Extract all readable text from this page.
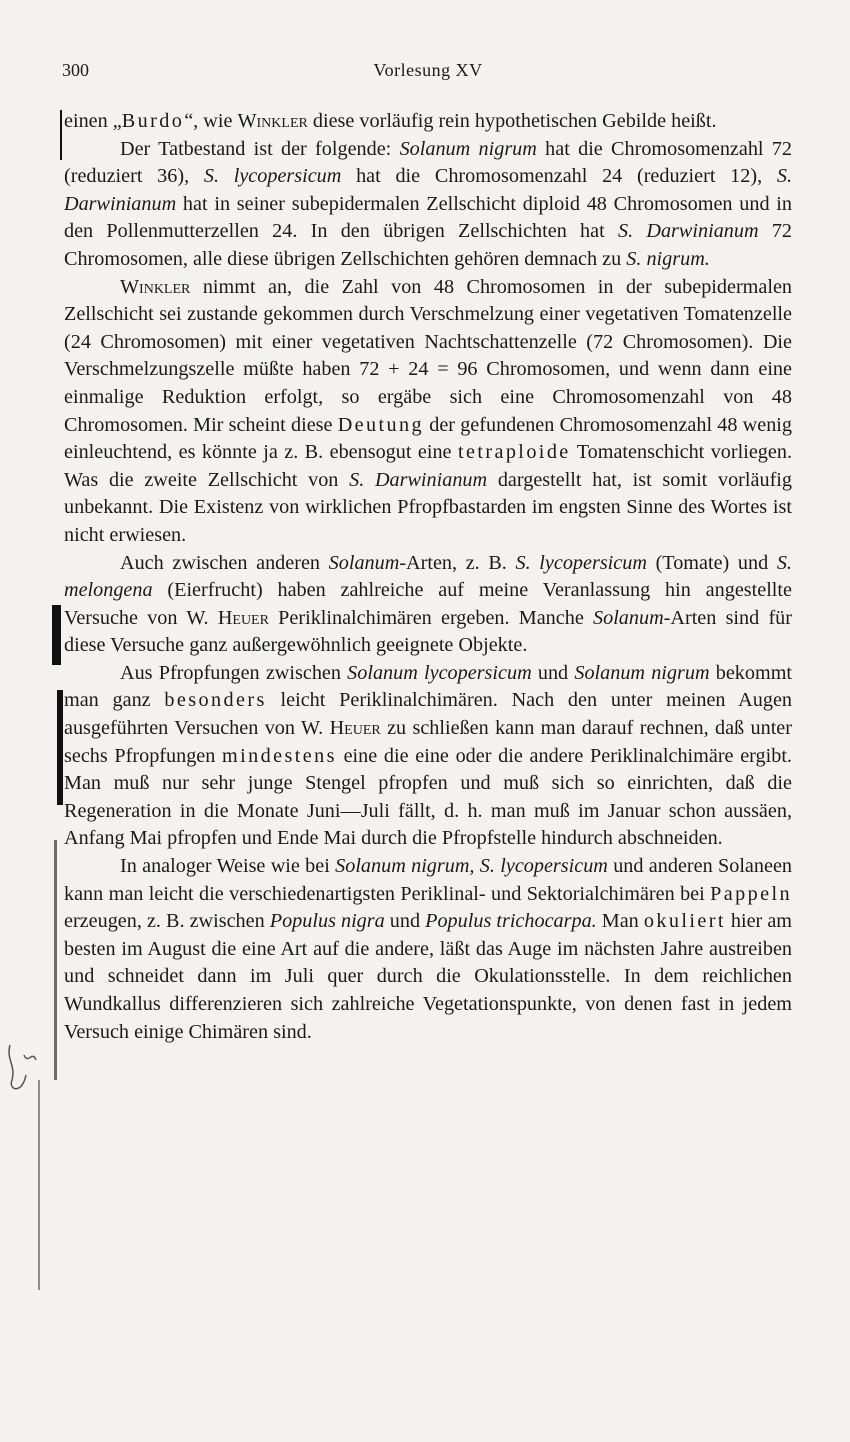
300	Vorlesung XV

einen „Burdo“, wie Winkler diese vorläufig rein hypothetischen Gebilde heißt.

Der Tatbestand ist der folgende: Solanum nigrum hat die Chromosomenzahl 72 (reduziert 36), S. lycopersicum hat die Chromosomenzahl 24 (reduziert 12), S. Darwinianum hat in seiner subepidermalen Zellschicht diploid 48 Chromosomen und in den Pollenmutterzellen 24. In den übrigen Zellschichten hat S. Darwinianum 72 Chromosomen, alle diese übrigen Zellschichten gehören demnach zu S. nigrum.

Winkler nimmt an, die Zahl von 48 Chromosomen in der subepidermalen Zellschicht sei zustande gekommen durch Verschmelzung einer vegetativen Tomatenzelle (24 Chromosomen) mit einer vegetativen Nachtschattenzelle (72 Chromosomen). Die Verschmelzungszelle müßte haben 72 + 24 = 96 Chromosomen, und wenn dann eine einmalige Reduktion erfolgt, so ergäbe sich eine Chromosomenzahl von 48 Chromosomen. Mir scheint diese Deutung der gefundenen Chromosomenzahl 48 wenig einleuchtend, es könnte ja z. B. ebensogut eine tetraploide Tomatenschicht vorliegen. Was die zweite Zellschicht von S. Darwinianum dargestellt hat, ist somit vorläufig unbekannt. Die Existenz von wirklichen Pfropfbastarden im engsten Sinne des Wortes ist nicht erwiesen.

Auch zwischen anderen Solanum-Arten, z. B. S. lycopersicum (Tomate) und S. melongena (Eierfrucht) haben zahlreiche auf meine Veranlassung hin angestellte Versuche von W. Heuer Periklinalchimären ergeben. Manche Solanum-Arten sind für diese Versuche ganz außergewöhnlich geeignete Objekte.

Aus Pfropfungen zwischen Solanum lycopersicum und Solanum nigrum bekommt man ganz besonders leicht Periklinalchimären. Nach den unter meinen Augen ausgeführten Versuchen von W. Heuer zu schließen kann man darauf rechnen, daß unter sechs Pfropfungen mindestens eine die eine oder die andere Periklinalchimäre ergibt. Man muß nur sehr junge Stengel pfropfen und muß sich so einrichten, daß die Regeneration in die Monate Juni—Juli fällt, d. h. man muß im Januar schon aussäen, Anfang Mai pfropfen und Ende Mai durch die Pfropfstelle hindurch abschneiden.

In analoger Weise wie bei Solanum nigrum, S. lycopersicum und anderen Solaneen kann man leicht die verschiedenartigsten Periklinal- und Sektorialchimären bei Pappeln erzeugen, z. B. zwischen Populus nigra und Populus trichocarpa. Man okuliert hier am besten im August die eine Art auf die andere, läßt das Auge im nächsten Jahre austreiben und schneidet dann im Juli quer durch die Okulationsstelle. In dem reichlichen Wundkallus differenzieren sich zahlreiche Vegetationspunkte, von denen fast in jedem Versuch einige Chimären sind.
